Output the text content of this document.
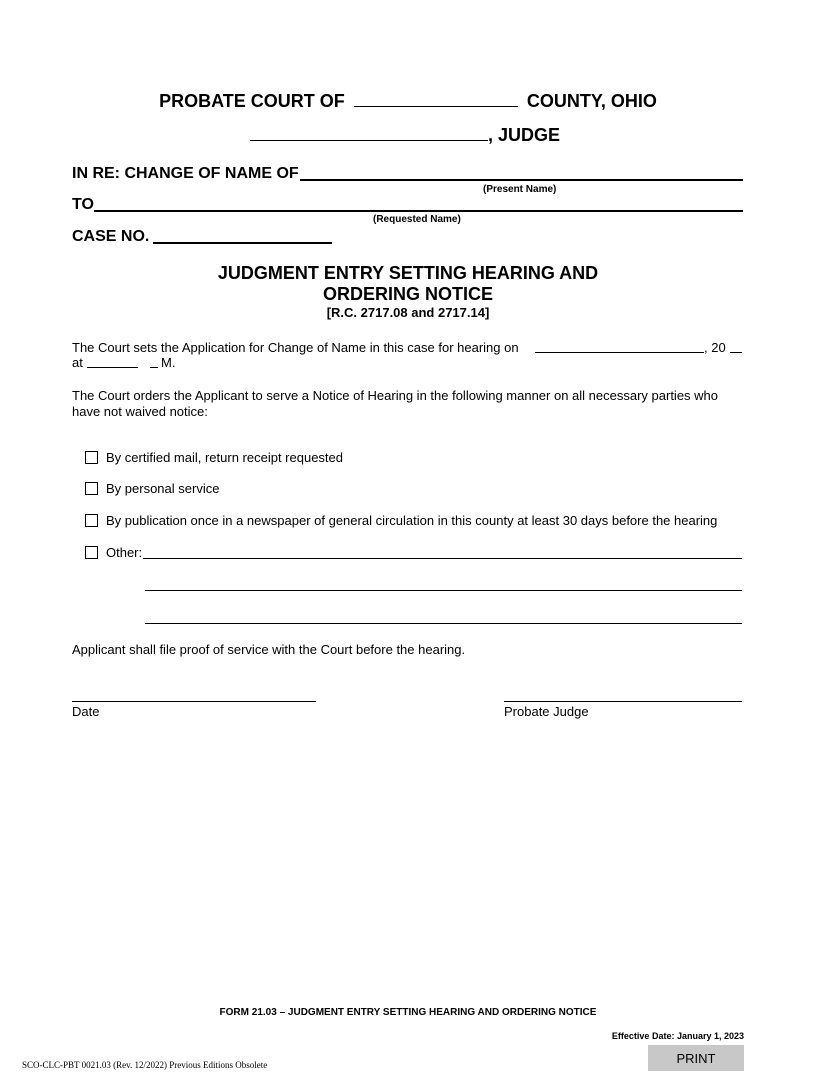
PROBATE COURT OF	COUNTY, OHIO
, JUDGE
IN RE: CHANGE OF NAME OF
(Present Name)
TO
(Requested Name)
CASE NO.
JUDGMENT ENTRY SETTING HEARING AND
ORDERING NOTICE
[R.C. 2717.08 and 2717.14]
The Court sets the Application for Change of Name in this case for hearing on	, 20
at	M.
The Court orders the Applicant to serve a Notice of Hearing in the following manner on all necessary parties who have not waived notice:
By certified mail, return receipt requested
By personal service
By publication once in a newspaper of general circulation in this county at least 30 days before the hearing
Other:
Applicant shall file proof of service with the Court before the hearing.
Date	Probate Judge
FORM 21.03 – JUDGMENT ENTRY SETTING HEARING AND ORDERING NOTICE
Effective Date: January 1, 2023
SCO-CLC-PBT 0021.03 (Rev. 12/2022) Previous Editions Obsolete	PRINT
